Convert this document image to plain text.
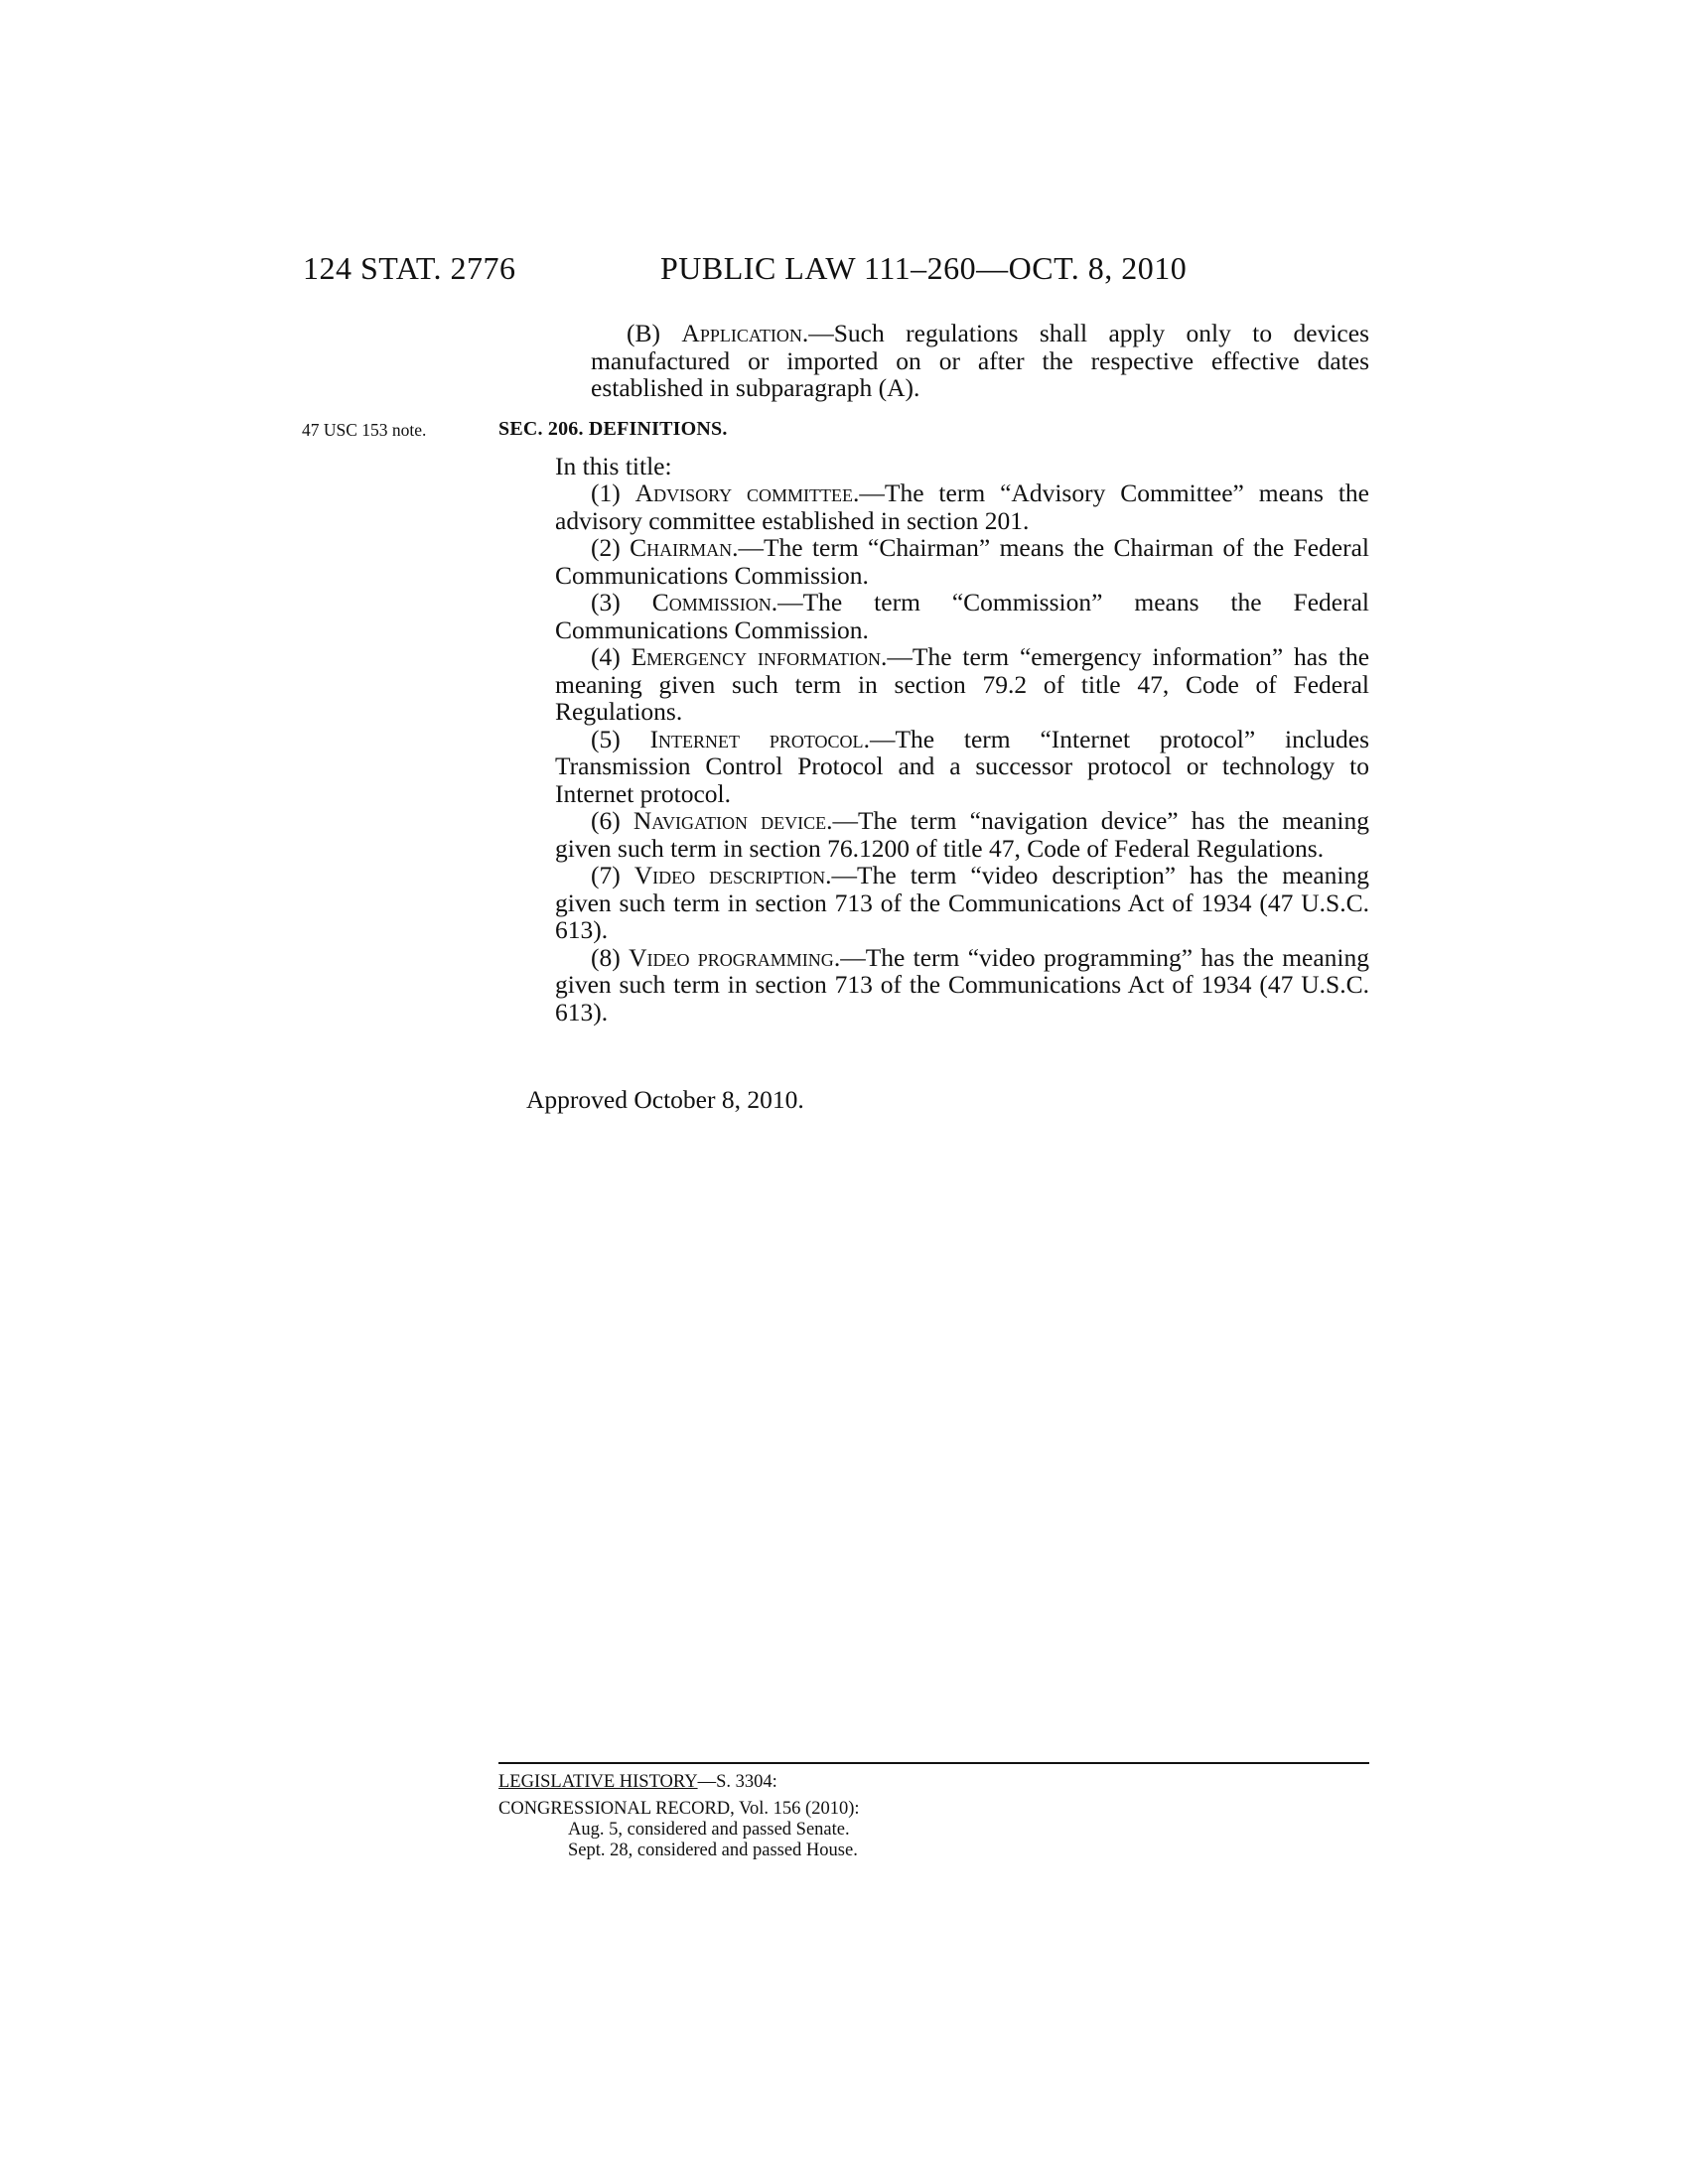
124 STAT. 2776	PUBLIC LAW 111–260—OCT. 8, 2010
(B) Application.—Such regulations shall apply only to devices manufactured or imported on or after the respective effective dates established in subparagraph (A).
47 USC 153 note.	SEC. 206. DEFINITIONS.
In this title:

(1) Advisory committee.—The term “Advisory Committee” means the advisory committee established in section 201.

(2) Chairman.—The term “Chairman” means the Chairman of the Federal Communications Commission.

(3) Commission.—The term “Commission” means the Federal Communications Commission.

(4) Emergency information.—The term “emergency information” has the meaning given such term in section 79.2 of title 47, Code of Federal Regulations.

(5) Internet protocol.—The term “Internet protocol” includes Transmission Control Protocol and a successor protocol or technology to Internet protocol.

(6) Navigation device.—The term “navigation device” has the meaning given such term in section 76.1200 of title 47, Code of Federal Regulations.

(7) Video description.—The term “video description” has the meaning given such term in section 713 of the Communications Act of 1934 (47 U.S.C. 613).

(8) Video programming.—The term “video programming” has the meaning given such term in section 713 of the Communications Act of 1934 (47 U.S.C. 613).

Approved October 8, 2010.
LEGISLATIVE HISTORY—S. 3304:
CONGRESSIONAL RECORD, Vol. 156 (2010):
Aug. 5, considered and passed Senate.
Sept. 28, considered and passed House.
